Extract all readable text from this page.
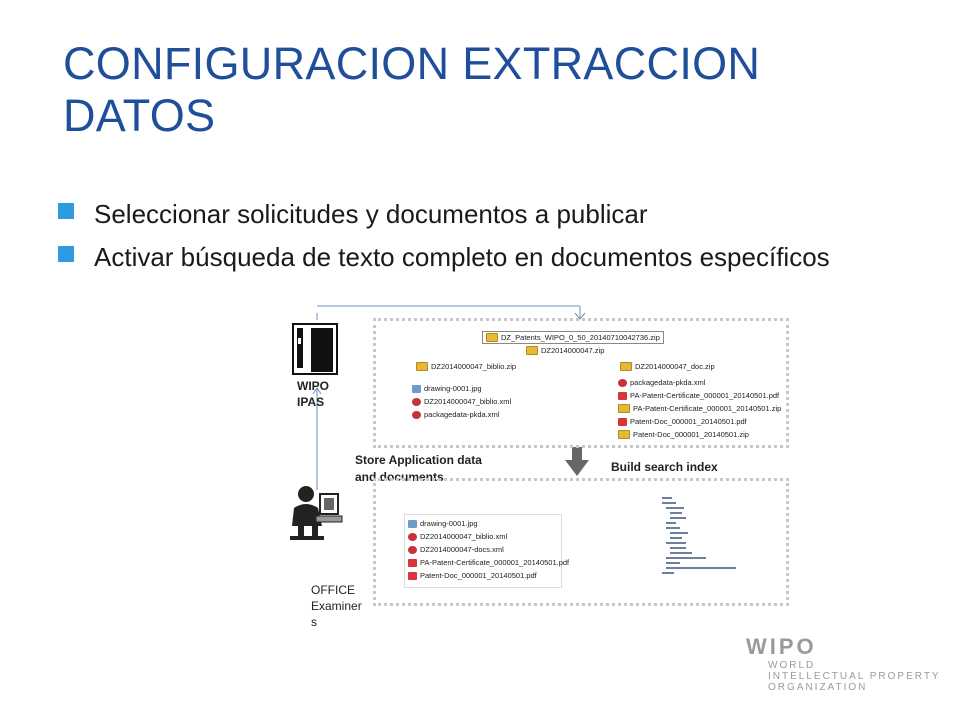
CONFIGURACION EXTRACCION DATOS
Seleccionar solicitudes y documentos a publicar
Activar búsqueda de texto completo en documentos específicos
WIPO
IPAS
OFFICE
Examiner
s
DZ_Patents_WIPO_0_50_20140710042736.zip
DZ2014000047.zip
DZ2014000047_biblio.zip	DZ2014000047_doc.zip
drawing-0001.jpg
DZ2014000047_biblio.xml
packagedata-pkda.xml
packagedata-pkda.xml
PA-Patent-Certificate_000001_20140501.pdf
PA-Patent-Certificate_000001_20140501.zip
Patent-Doc_000001_20140501.pdf
Patent-Doc_000001_20140501.zip
Store Application data
and documents
Build search index
drawing-0001.jpg
DZ2014000047_biblio.xml
DZ2014000047-docs.xml
PA-Patent-Certificate_000001_20140501.pdf
Patent-Doc_000001_20140501.pdf
WIPO
WORLD
INTELLECTUAL PROPERTY
ORGANIZATION
